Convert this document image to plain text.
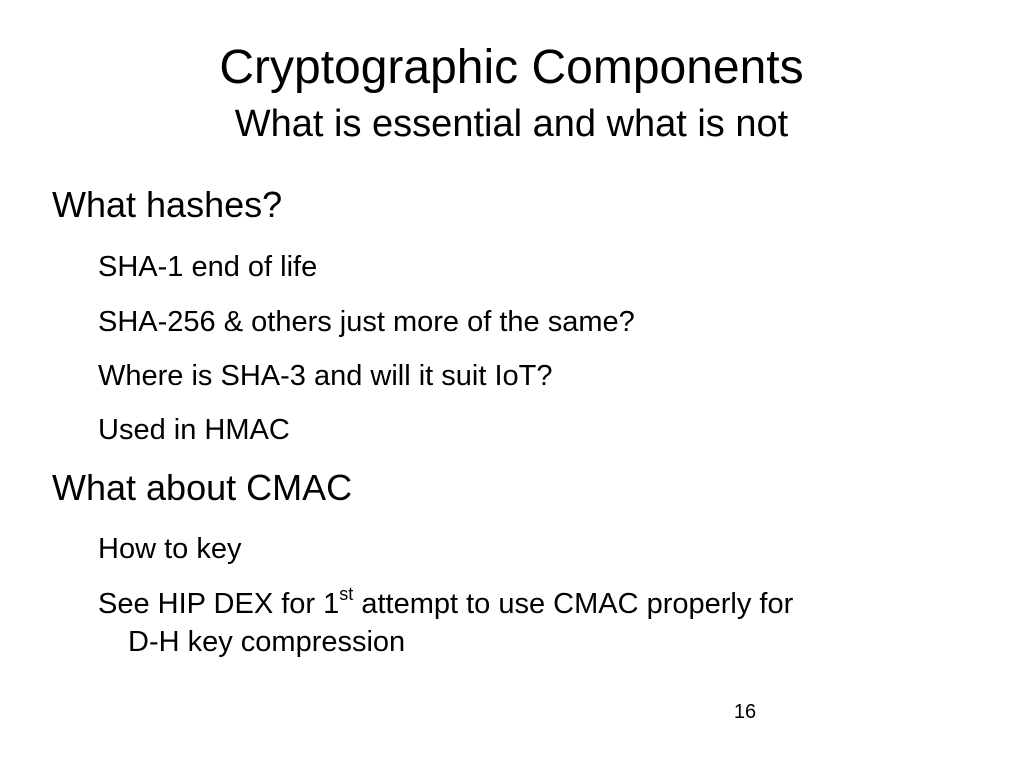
Cryptographic Components
What is essential and what is not
What hashes?
SHA-1 end of life
SHA-256 & others just more of the same?
Where is SHA-3 and will it suit IoT?
Used in HMAC
What about CMAC
How to key
See HIP DEX for 1st attempt to use CMAC properly for
D-H key compression
16
